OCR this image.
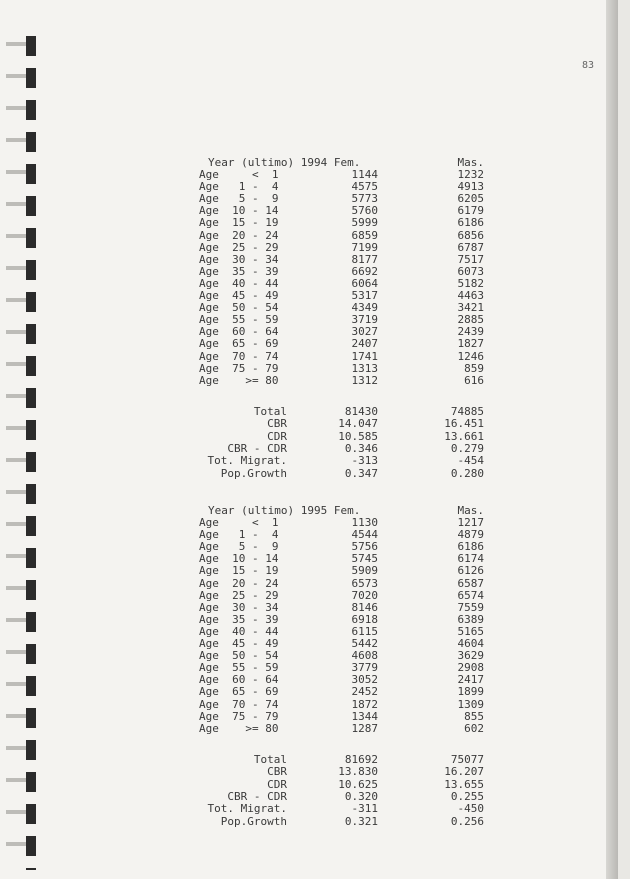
83
Year (ultimo) 1994 Fem.	Mas.
Age     <  1	1144	1232
Age   1 -  4	4575	4913
Age   5 -  9	5773	6205
Age  10 - 14	5760	6179
Age  15 - 19	5999	6186
Age  20 - 24	6859	6856
Age  25 - 29	7199	6787
Age  30 - 34	8177	7517
Age  35 - 39	6692	6073
Age  40 - 44	6064	5182
Age  45 - 49	5317	4463
Age  50 - 54	4349	3421
Age  55 - 59	3719	2885
Age  60 - 64	3027	2439
Age  65 - 69	2407	1827
Age  70 - 74	1741	1246
Age  75 - 79	1313	859
Age    >= 80	1312	616
Total	81430	74885
CBR	14.047	16.451
CDR	10.585	13.661
CBR - CDR	0.346	0.279
Tot. Migrat.	-313	-454
Pop.Growth	0.347	0.280
Year (ultimo) 1995 Fem.	Mas.
Age     <  1	1130	1217
Age   1 -  4	4544	4879
Age   5 -  9	5756	6186
Age  10 - 14	5745	6174
Age  15 - 19	5909	6126
Age  20 - 24	6573	6587
Age  25 - 29	7020	6574
Age  30 - 34	8146	7559
Age  35 - 39	6918	6389
Age  40 - 44	6115	5165
Age  45 - 49	5442	4604
Age  50 - 54	4608	3629
Age  55 - 59	3779	2908
Age  60 - 64	3052	2417
Age  65 - 69	2452	1899
Age  70 - 74	1872	1309
Age  75 - 79	1344	855
Age    >= 80	1287	602
Total	81692	75077
CBR	13.830	16.207
CDR	10.625	13.655
CBR - CDR	0.320	0.255
Tot. Migrat.	-311	-450
Pop.Growth	0.321	0.256
